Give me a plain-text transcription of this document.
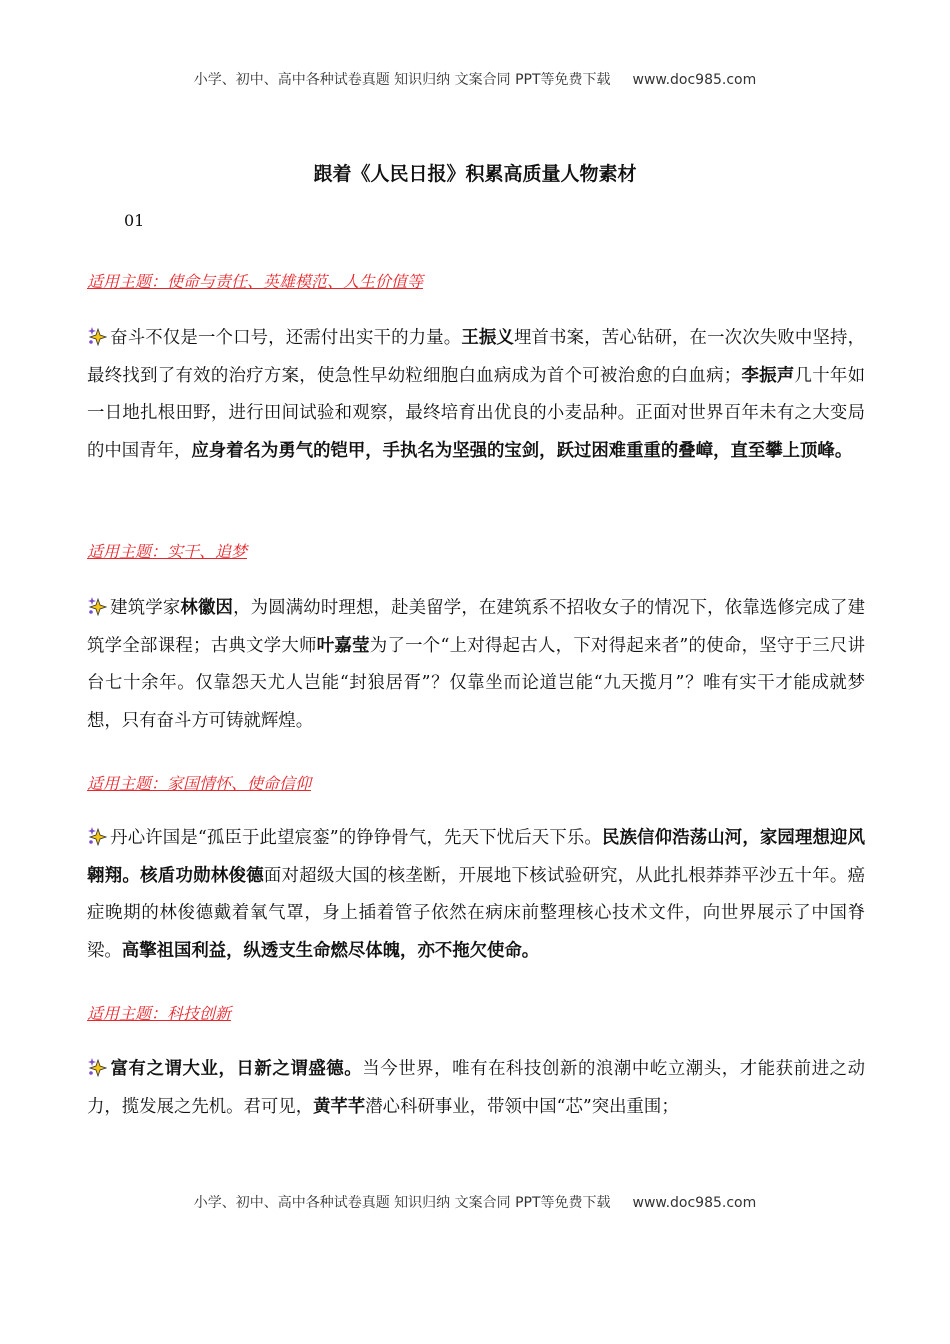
小学、初中、高中各种试卷真题 知识归纳 文案合同 PPT等免费下载 www.doc985.com
跟着《人民日报》积累高质量人物素材
01
适用主题：使命与责任、英雄模范、人生价值等
奋斗不仅是一个口号，还需付出实干的力量。王振义埋首书案，苦心钻研，在一次次失败中坚持，最终找到了有效的治疗方案，使急性早幼粒细胞白血病成为首个可被治愈的白血病；李振声几十年如一日地扎根田野，进行田间试验和观察，最终培育出优良的小麦品种。正面对世界百年未有之大变局的中国青年，应身着名为勇气的铠甲，手执名为坚强的宝剑，跃过困难重重的叠嶂，直至攀上顶峰。
适用主题：实干、追梦
建筑学家林徽因，为圆满幼时理想，赴美留学，在建筑系不招收女子的情况下，依靠选修完成了建筑学全部课程；古典文学大师叶嘉莹为了一个“上对得起古人，下对得起来者”的使命，坚守于三尺讲台七十余年。仅靠怨天尤人岂能“封狼居胥”？仅靠坐而论道岂能“九天揽月”？唯有实干才能成就梦想，只有奋斗方可铸就辉煌。
适用主题：家国情怀、使命信仰
丹心许国是“孤臣于此望宸銮”的铮铮骨气，先天下忧后天下乐。民族信仰浩荡山河，家园理想迎风翱翔。核盾功勋林俊德面对超级大国的核垄断，开展地下核试验研究，从此扎根莽莽平沙五十年。癌症晚期的林俊德戴着氧气罩，身上插着管子依然在病床前整理核心技术文件，向世界展示了中国脊梁。高擎祖国利益，纵透支生命燃尽体魄，亦不拖欠使命。
适用主题：科技创新
富有之谓大业，日新之谓盛德。当今世界，唯有在科技创新的浪潮中屹立潮头，才能获前进之动力，揽发展之先机。君可见，黄芊芊潜心科研事业，带领中国“芯”突出重围；
小学、初中、高中各种试卷真题 知识归纳 文案合同 PPT等免费下载 www.doc985.com
